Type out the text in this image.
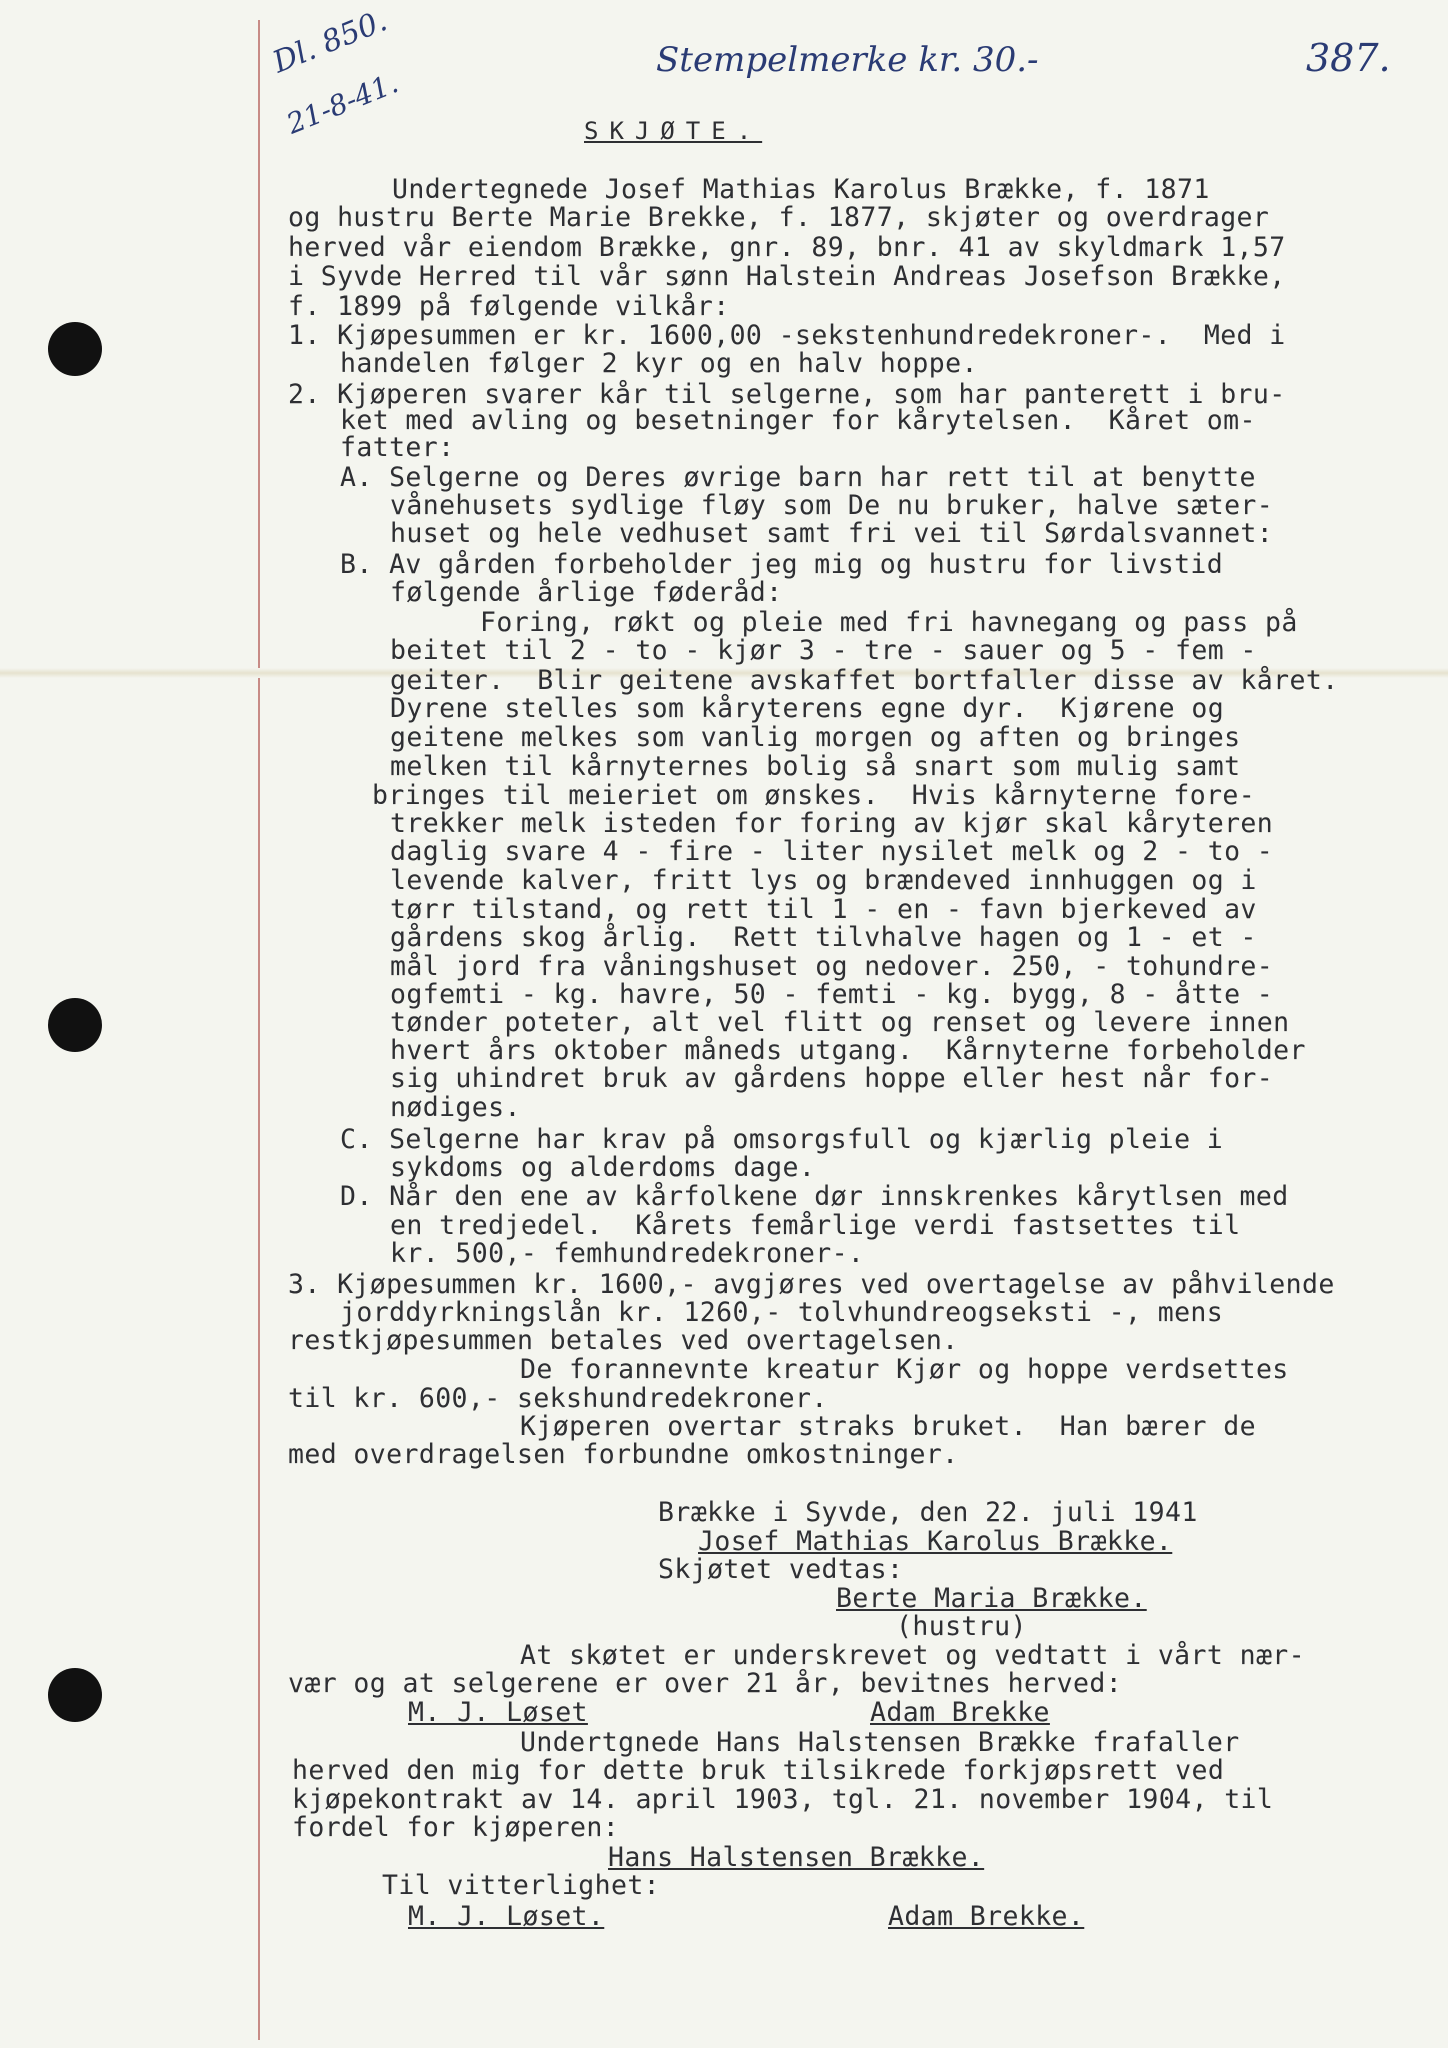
Dl. 850.
21-8-41.
Stempelmerke kr. 30.-	387.
SKJØTE.
Undertegnede Josef Mathias Karolus Brække, f. 1871
og hustru Berte Marie Brekke, f. 1877, skjøter og overdrager
herved vår eiendom Brække, gnr. 89, bnr. 41 av skyldmark 1,57
i Syvde Herred til vår sønn Halstein Andreas Josefson Brække,
f. 1899 på følgende vilkår:
1. Kjøpesummen er kr. 1600,00 -sekstenhundredekroner-.  Med i
handelen følger 2 kyr og en halv hoppe.
2. Kjøperen svarer kår til selgerne, som har panterett i bru-
ket med avling og besetninger for kårytelsen.  Kåret om-
fatter:
A. Selgerne og Deres øvrige barn har rett til at benytte
vånehusets sydlige fløy som De nu bruker, halve sæter-
huset og hele vedhuset samt fri vei til Sørdalsvannet:
B. Av gården forbeholder jeg mig og hustru for livstid
følgende årlige føderåd:
Foring, røkt og pleie med fri havnegang og pass på
beitet til 2 - to - kjør 3 - tre - sauer og 5 - fem -
geiter.  Blir geitene avskaffet bortfaller disse av kåret.
Dyrene stelles som kåryterens egne dyr.  Kjørene og
geitene melkes som vanlig morgen og aften og bringes
melken til kårnyternes bolig så snart som mulig samt
bringes til meieriet om ønskes.  Hvis kårnyterne fore-
trekker melk isteden for foring av kjør skal kåryteren
daglig svare 4 - fire - liter nysilet melk og 2 - to -
levende kalver, fritt lys og brændeved innhuggen og i
tørr tilstand, og rett til 1 - en - favn bjerkeved av
gårdens skog årlig.  Rett tilvhalve hagen og 1 - et -
mål jord fra våningshuset og nedover. 250, - tohundre-
ogfemti - kg. havre, 50 - femti - kg. bygg, 8 - åtte -
tønder poteter, alt vel flitt og renset og levere innen
hvert års oktober måneds utgang.  Kårnyterne forbeholder
sig uhindret bruk av gårdens hoppe eller hest når for-
nødiges.
C. Selgerne har krav på omsorgsfull og kjærlig pleie i
sykdoms og alderdoms dage.
D. Når den ene av kårfolkene dør innskrenkes kårytlsen med
en tredjedel.  Kårets femårlige verdi fastsettes til
kr. 500,- femhundredekroner-.
3. Kjøpesummen kr. 1600,- avgjøres ved overtagelse av påhvilende
jorddyrkningslån kr. 1260,- tolvhundreogseksti -, mens
restkjøpesummen betales ved overtagelsen.
De forannevnte kreatur Kjør og hoppe verdsettes
til kr. 600,- sekshundredekroner.
Kjøperen overtar straks bruket.  Han bærer de
med overdragelsen forbundne omkostninger.
Brække i Syvde, den 22. juli 1941
Josef Mathias Karolus Brække.
Skjøtet vedtas:
Berte Maria Brække.
(hustru)
At skøtet er underskrevet og vedtatt i vårt nær-
vær og at selgerene er over 21 år, bevitnes herved:
M. J. Løset	Adam Brekke
Undertgnede Hans Halstensen Brække frafaller
herved den mig for dette bruk tilsikrede forkjøpsrett ved
kjøpekontrakt av 14. april 1903, tgl. 21. november 1904, til
fordel for kjøperen:
Hans Halstensen Brække.
Til vitterlighet:
M. J. Løset.	Adam Brekke.
